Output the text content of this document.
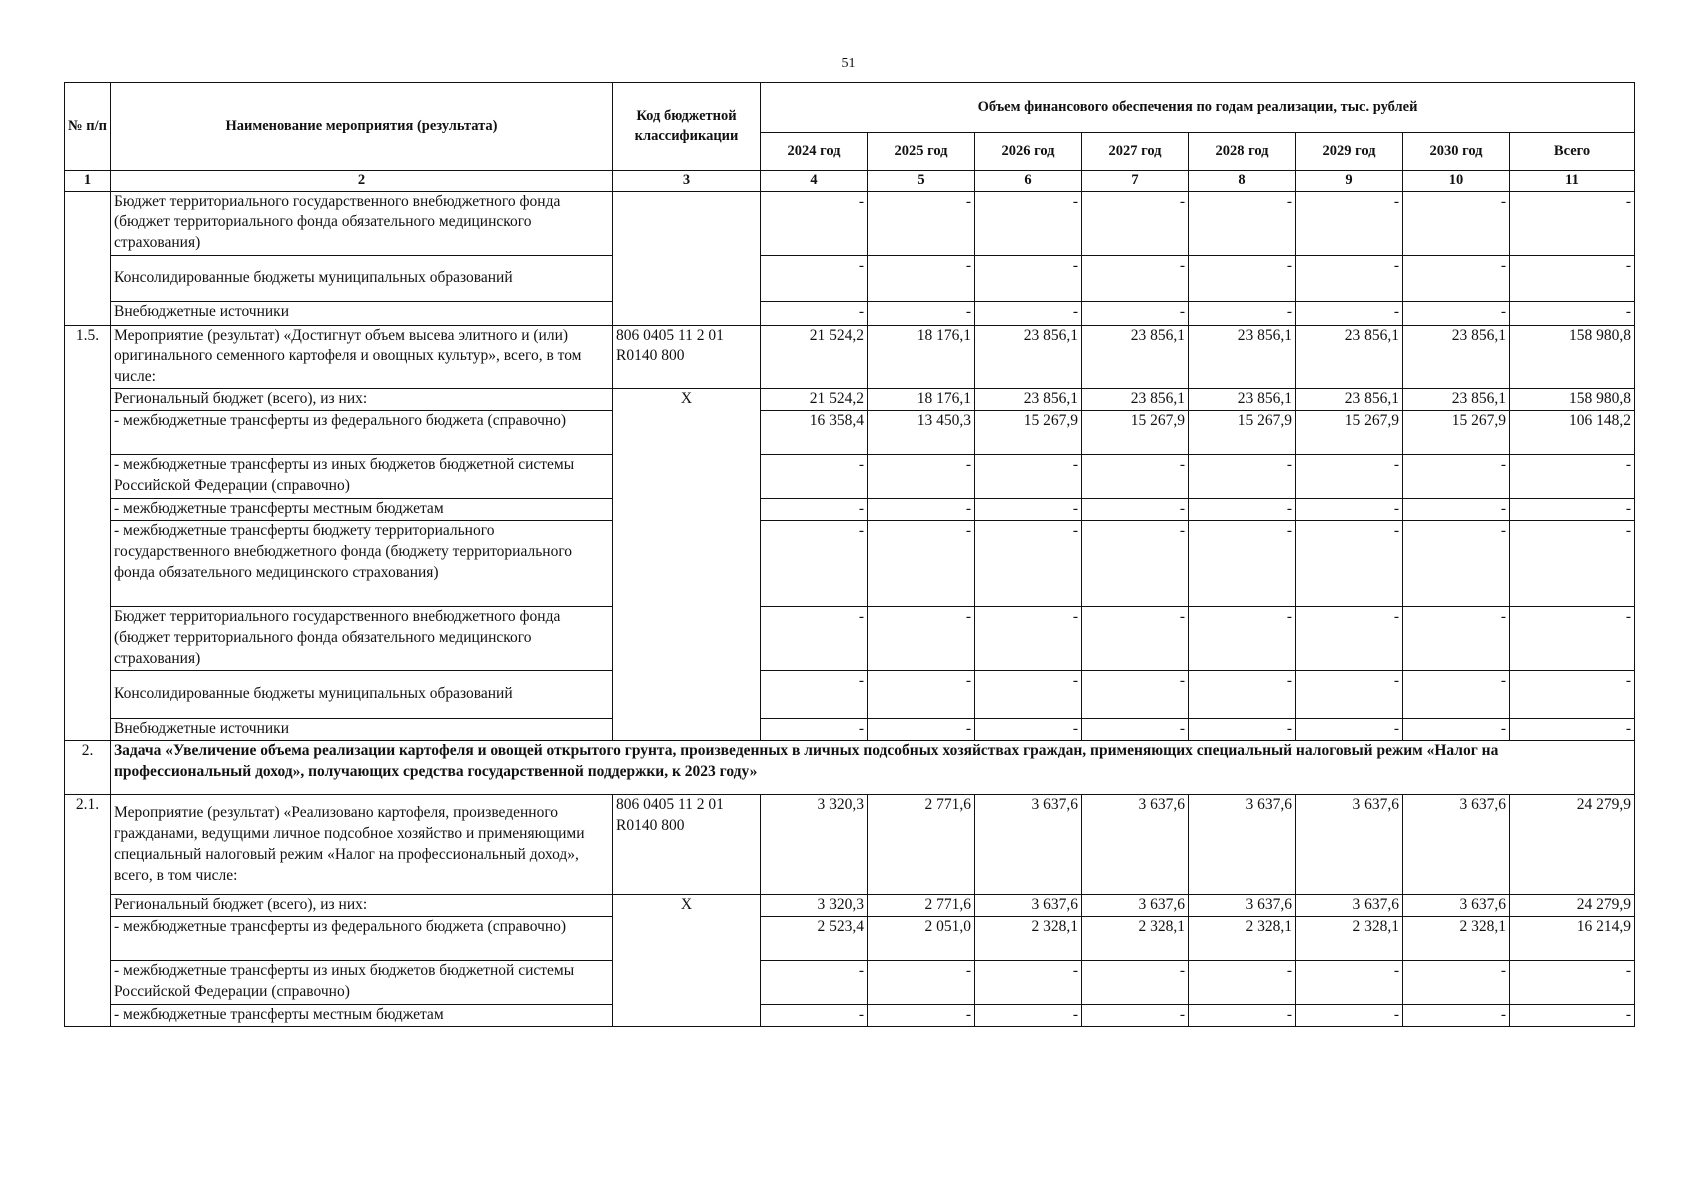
51
№ п/п	Наименование мероприятия (результата)	Код бюджетной классификации	Объем финансового обеспечения по годам реализации, тыс. рублей							
			2024 год	2025 год	2026 год	2027 год	2028 год	2029 год	2030 год	Всего
1	2	3	4	5	6	7	8	9	10	11
	Бюджет территориального государственного внебюджетного фонда (бюджет территориального фонда обязательного медицинского страхования)		-	-	-	-	-	-	-	-
	Консолидированные бюджеты муниципальных образований		-	-	-	-	-	-	-	-
	Внебюджетные источники		-	-	-	-	-	-	-	-
1.5.	Мероприятие (результат) «Достигнут объем высева элитного и (или) оригинального семенного картофеля и овощных культур», всего, в том числе:	806 0405 11 2 01 R0140 800	21 524,2	18 176,1	23 856,1	23 856,1	23 856,1	23 856,1	23 856,1	158 980,8
	Региональный бюджет (всего), из них:	Х	21 524,2	18 176,1	23 856,1	23 856,1	23 856,1	23 856,1	23 856,1	158 980,8
	- межбюджетные трансферты из федерального бюджета (справочно)		16 358,4	13 450,3	15 267,9	15 267,9	15 267,9	15 267,9	15 267,9	106 148,2
	- межбюджетные трансферты из иных бюджетов бюджетной системы Российской Федерации (справочно)		-	-	-	-	-	-	-	-
	- межбюджетные трансферты местным бюджетам		-	-	-	-	-	-	-	-
	- межбюджетные трансферты бюджету территориального государственного внебюджетного фонда (бюджету территориального фонда обязательного медицинского страхования)		-	-	-	-	-	-	-	-
	Бюджет территориального государственного внебюджетного фонда (бюджет территориального фонда обязательного медицинского страхования)		-	-	-	-	-	-	-	-
	Консолидированные бюджеты муниципальных образований		-	-	-	-	-	-	-	-
	Внебюджетные источники		-	-	-	-	-	-	-	-
2.	Задача «Увеличение объема реализации картофеля и овощей открытого грунта, произведенных в личных подсобных хозяйствах граждан, применяющих специальный налоговый режим «Налог на профессиональный доход», получающих средства государственной поддержки, к 2023 году»									
2.1.	Мероприятие (результат) «Реализовано картофеля, произведенного гражданами, ведущими личное подсобное хозяйство и применяющими специальный налоговый режим «Налог на профессиональный доход», всего, в том числе:	806 0405 11 2 01 R0140 800	3 320,3	2 771,6	3 637,6	3 637,6	3 637,6	3 637,6	3 637,6	24 279,9
	Региональный бюджет (всего), из них:	Х	3 320,3	2 771,6	3 637,6	3 637,6	3 637,6	3 637,6	3 637,6	24 279,9
	- межбюджетные трансферты из федерального бюджета (справочно)		2 523,4	2 051,0	2 328,1	2 328,1	2 328,1	2 328,1	2 328,1	16 214,9
	- межбюджетные трансферты из иных бюджетов бюджетной системы Российской Федерации (справочно)		-	-	-	-	-	-	-	-
	- межбюджетные трансферты местным бюджетам		-	-	-	-	-	-	-	-
